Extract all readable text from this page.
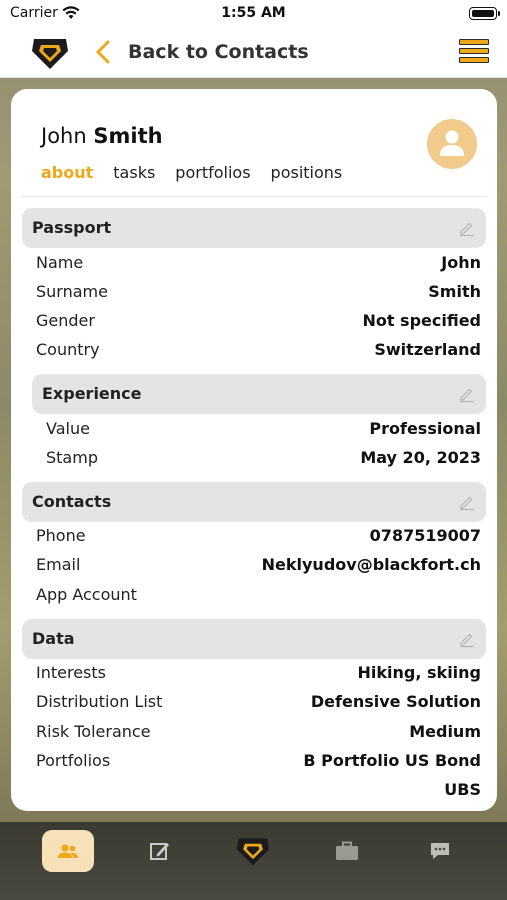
Carrier	1:55 AM
Back to Contacts
John Smith
about tasks portfolios positions
Passport
Name	John
Surname	Smith
Gender	Not specified
Country	Switzerland
Experience
Value	Professional
Stamp	May 20, 2023
Contacts
Phone	0787519007
Email	Neklyudov@blackfort.ch
App Account
Data
Interests	Hiking, skiing
Distribution List	Defensive Solution
Risk Tolerance	Medium
Portfolios	B Portfolio US Bond
UBS
